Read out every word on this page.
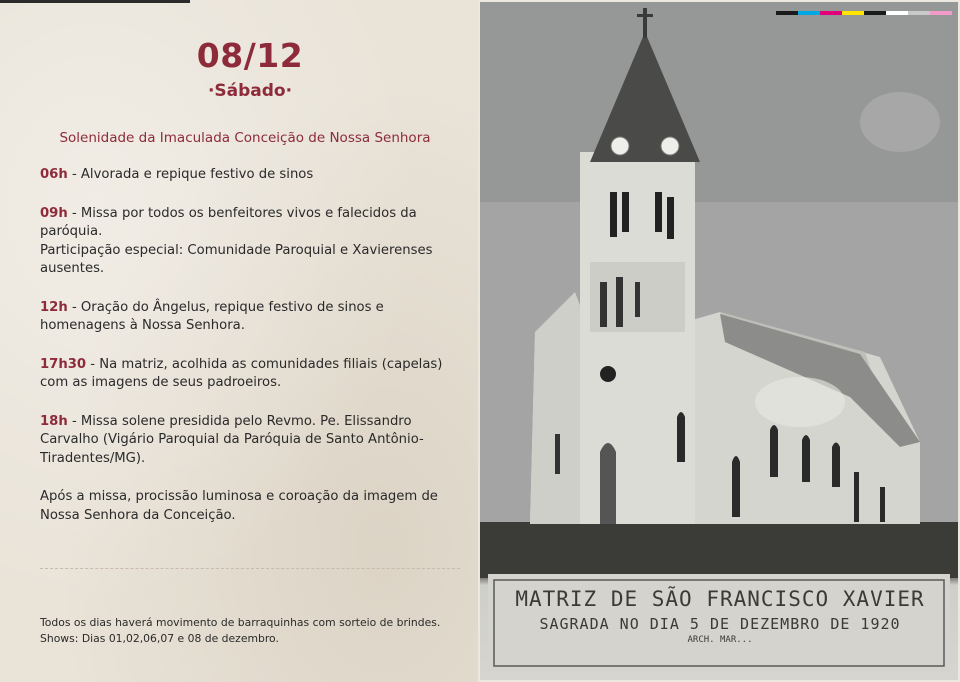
08/12
·Sábado·
Solenidade da Imaculada Conceição de Nossa Senhora
06h - Alvorada e repique festivo de sinos
09h - Missa por todos os benfeitores vivos e falecidos da paróquia.
Participação especial: Comunidade Paroquial e Xavierenses ausentes.
12h - Oração do Ângelus, repique festivo de sinos e homenagens à Nossa Senhora.
17h30 - Na matriz, acolhida as comunidades filiais (capelas) com as imagens de seus padroeiros.
18h - Missa solene presidida pelo Revmo. Pe. Elissandro Carvalho (Vigário Paroquial da Paróquia de Santo Antônio-Tiradentes/MG).
Após a missa, procissão luminosa e coroação da imagem de Nossa Senhora da Conceição.
Todos os dias haverá movimento de barraquinhas com sorteio de brindes.
Shows: Dias 01,02,06,07 e 08 de dezembro.
MATRIZ DE SÃO FRANCISCO XAVIER
SAGRADA NO DIA 5 DE DEZEMBRO DE 1920
ARCH. MAR...
